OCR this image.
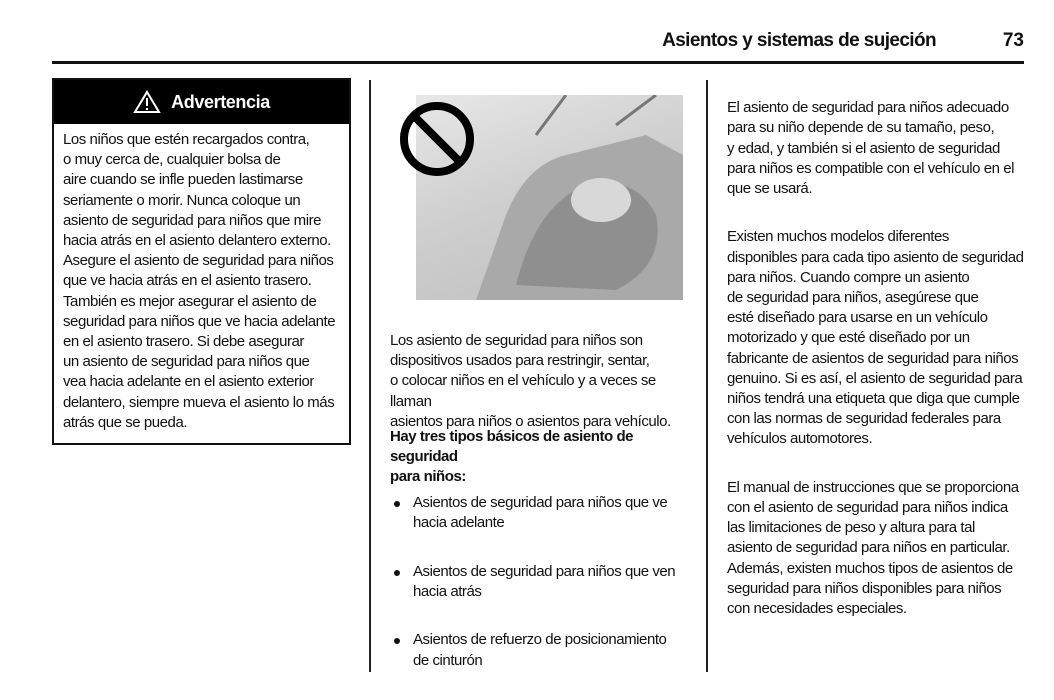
Asientos y sistemas de sujeción	73
Advertencia
Los niños que estén recargados contra,
o muy cerca de, cualquier bolsa de
aire cuando se infle pueden lastimarse
seriamente o morir. Nunca coloque un
asiento de seguridad para niños que mire
hacia atrás en el asiento delantero externo.
Asegure el asiento de seguridad para niños
que ve hacia atrás en el asiento trasero.
También es mejor asegurar el asiento de
seguridad para niños que ve hacia adelante
en el asiento trasero. Si debe asegurar
un asiento de seguridad para niños que
vea hacia adelante en el asiento exterior
delantero, siempre mueva el asiento lo más
atrás que se pueda.
Los asiento de seguridad para niños son
dispositivos usados para restringir, sentar,
o colocar niños en el vehículo y a veces se llaman
asientos para niños o asientos para vehículo.
Hay tres tipos básicos de asiento de seguridad
para niños:

Asientos de seguridad para niños que ve
hacia adelante

Asientos de seguridad para niños que ven
hacia atrás

Asientos de refuerzo de posicionamiento
de cinturón

El asiento de seguridad para niños adecuado
para su niño depende de su tamaño, peso,
y edad, y también si el asiento de seguridad
para niños es compatible con el vehículo en el
que se usará.

Existen muchos modelos diferentes
disponibles para cada tipo asiento de seguridad
para niños. Cuando compre un asiento
de seguridad para niños, asegúrese que
esté diseñado para usarse en un vehículo
motorizado y que esté diseñado por un
fabricante de asientos de seguridad para niños
genuino. Si es así, el asiento de seguridad para
niños tendrá una etiqueta que diga que cumple
con las normas de seguridad federales para
vehículos automotores.

El manual de instrucciones que se proporciona
con el asiento de seguridad para niños indica
las limitaciones de peso y altura para tal
asiento de seguridad para niños en particular.
Además, existen muchos tipos de asientos de
seguridad para niños disponibles para niños
con necesidades especiales.
